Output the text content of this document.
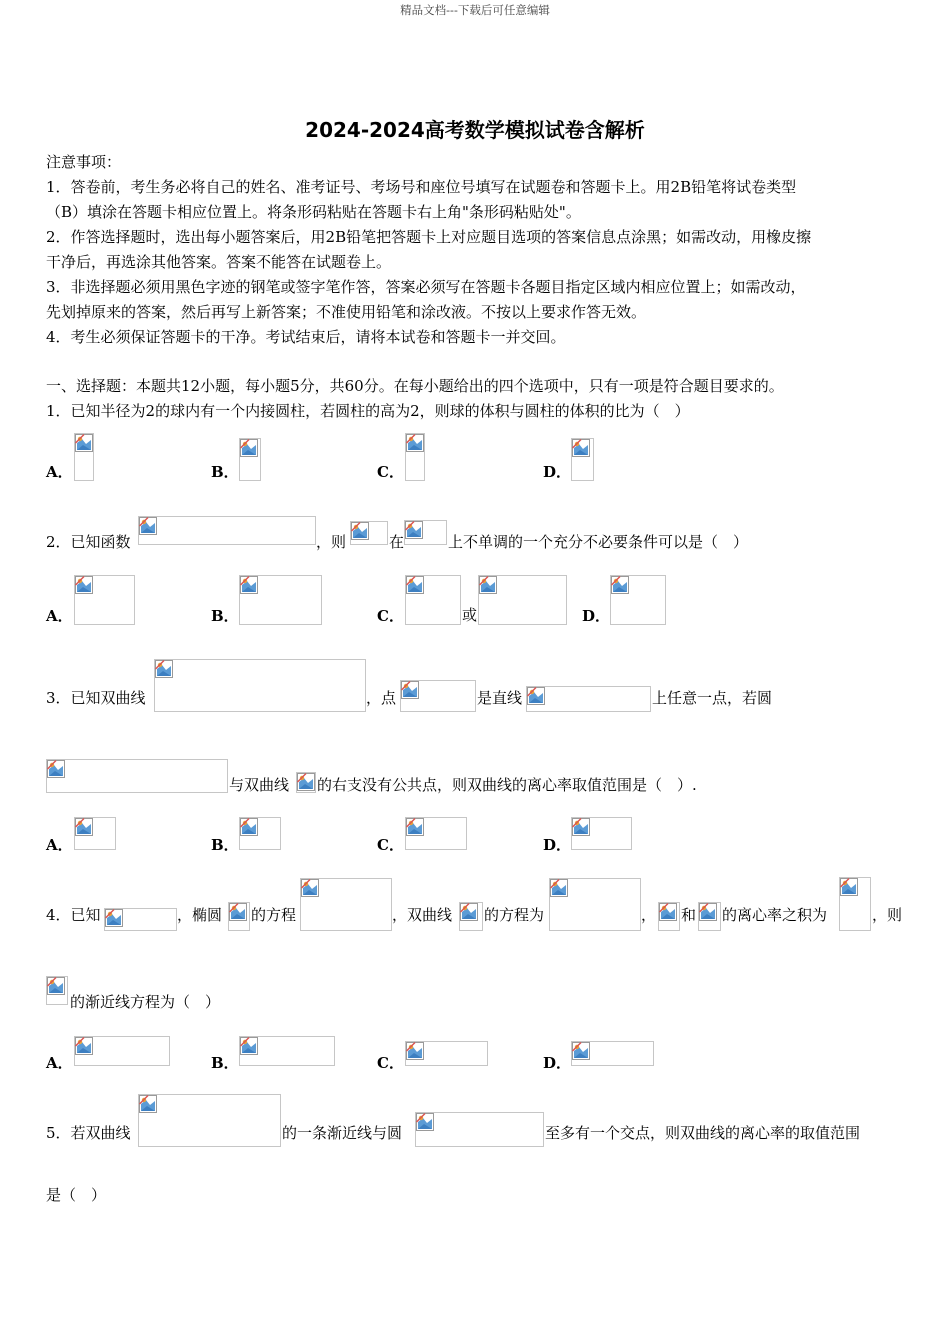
精品文档---下载后可任意编辑
2024-2024高考数学模拟试卷含解析
注意事项：
1．答卷前，考生务必将自己的姓名、准考证号、考场号和座位号填写在试题卷和答题卡上。用2B铅笔将试卷类型
（B）填涂在答题卡相应位置上。将条形码粘贴在答题卡右上角"条形码粘贴处"。
2．作答选择题时，选出每小题答案后，用2B铅笔把答题卡上对应题目选项的答案信息点涂黑；如需改动，用橡皮擦
干净后，再选涂其他答案。答案不能答在试题卷上。
3．非选择题必须用黑色字迹的钢笔或签字笔作答，答案必须写在答题卡各题目指定区域内相应位置上；如需改动，
先划掉原来的答案，然后再写上新答案；不准使用铅笔和涂改液。不按以上要求作答无效。
4．考生必须保证答题卡的干净。考试结束后，请将本试卷和答题卡一并交回。
一、选择题：本题共12小题，每小题5分，共60分。在每小题给出的四个选项中，只有一项是符合题目要求的。
1．已知半径为2的球内有一个内接圆柱，若圆柱的高为2，则球的体积与圆柱的体积的比为（　）
A．	B．	C．	D．
2．已知函数	，则	在	上不单调的一个充分不必要条件可以是（　）
A．	B．	C．	或	D．
3．已知双曲线	，点	是直线	上任意一点，若圆
与双曲线 的右支没有公共点，则双曲线的离心率取值范围是（　）.
A．	B．	C．	D．
4．已知	，椭圆 的方程	，双曲线 的方程为	， 和 的离心率之积为	，则
的渐近线方程为（　）
A．	B．	C．	D．
5．若双曲线	的一条渐近线与圆	至多有一个交点，则双曲线的离心率的取值范围
是（　）
